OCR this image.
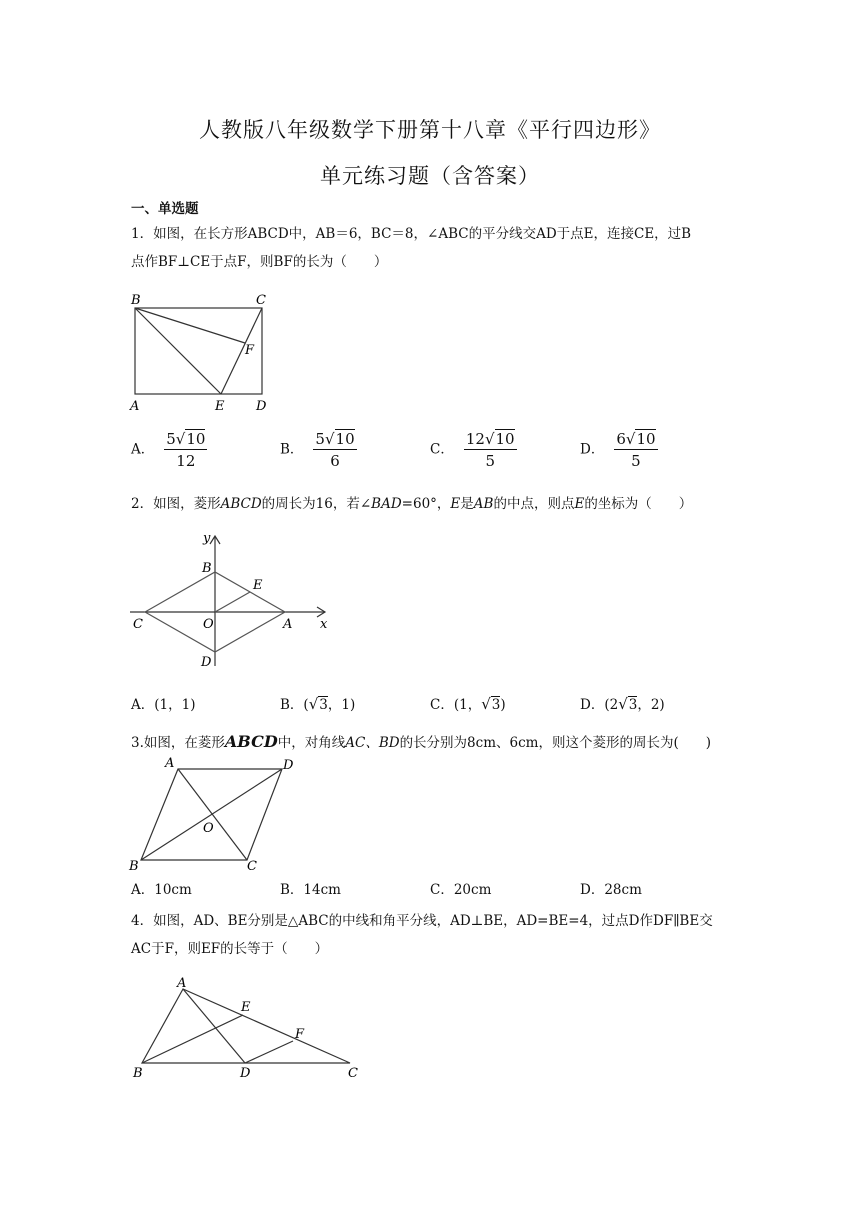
人教版八年级数学下册第十八章《平行四边形》
单元练习题（含答案）
一、单选题
1．如图，在长方形ABCD中，AB＝6，BC＝8，∠ABC的平分线交AD于点E，连接CE，过B
点作BF⊥CE于点F，则BF的长为（　　）
B	C
F
A	E D
A． $\frac{5√10}{12}$	B． $\frac{5√10}{6}$	C． $\frac{12√10}{5}$	D． $\frac{6√10}{5}$
2．如图，菱形ABCD的周长为16，若∠BAD=60°，E是AB的中点，则点E的坐标为（　　）
y
B
E
C	O	A x
D
A．(1，1)	B．(√3，1)	C．(1，√3)	D．(2√3，2)
3.如图，在菱形ABCD中，对角线AC、BD的长分别为8cm、6cm，则这个菱形的周长为(　　)
A	D
O
B	C
A．10cm	B．14cm	C．20cm	D．28cm
4．如图，AD、BE分别是△ABC的中线和角平分线，AD⊥BE，AD=BE=4，过点D作DF∥BE交
AC于F，则EF的长等于（　　）
A
E
F
B	D	C
